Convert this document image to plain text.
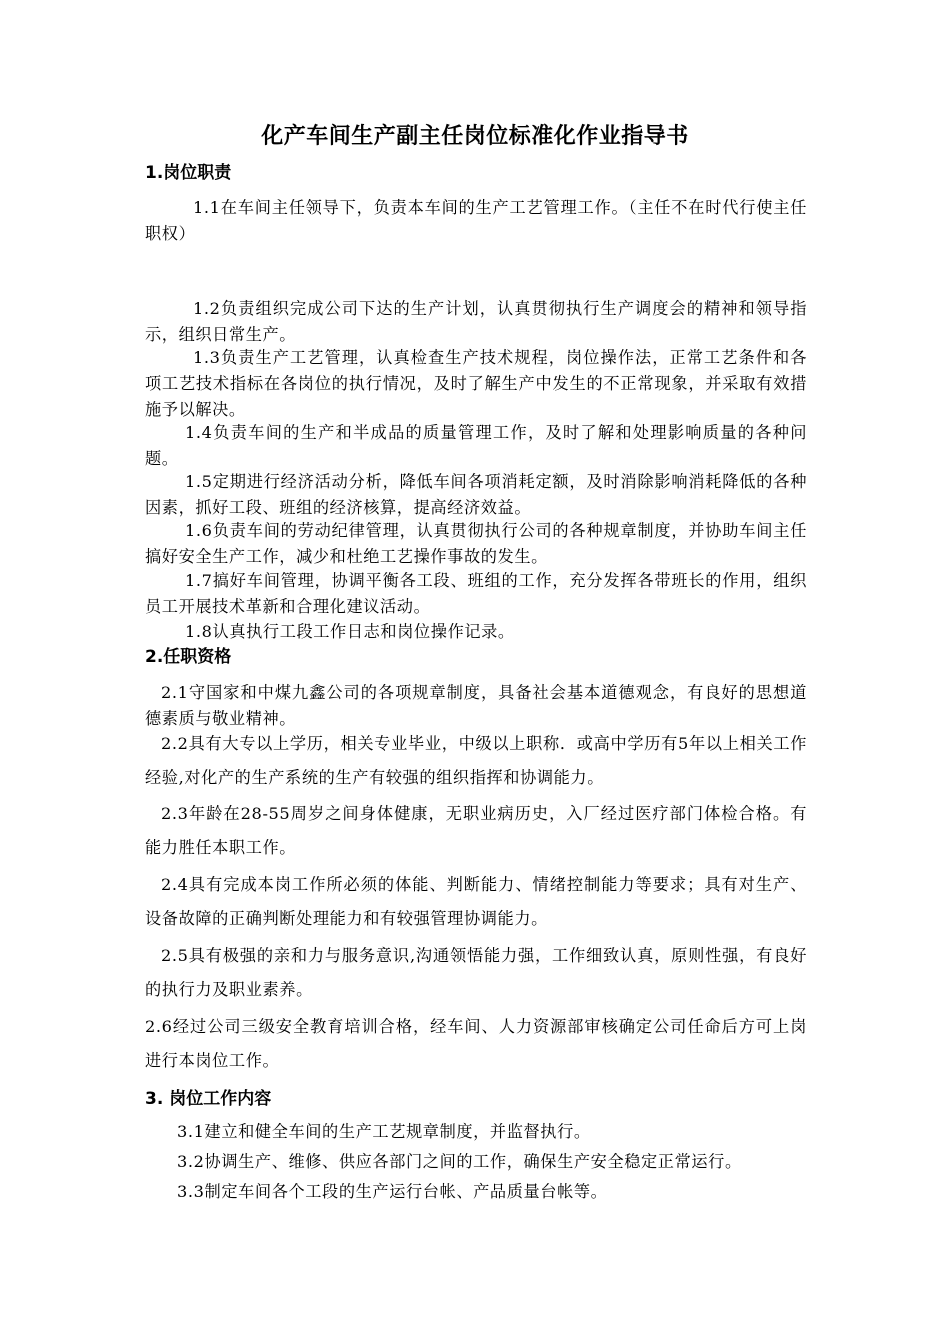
化产车间生产副主任岗位标准化作业指导书
1.岗位职责

1.1在车间主任领导下，负责本车间的生产工艺管理工作。（主任不在时代行使主任职权）

1.2负责组织完成公司下达的生产计划，认真贯彻执行生产调度会的精神和领导指示，组织日常生产。

1.3负责生产工艺管理，认真检查生产技术规程，岗位操作法，正常工艺条件和各项工艺技术指标在各岗位的执行情况，及时了解生产中发生的不正常现象，并采取有效措施予以解决。

1.4负责车间的生产和半成品的质量管理工作，及时了解和处理影响质量的各种问题。

1.5定期进行经济活动分析，降低车间各项消耗定额，及时消除影响消耗降低的各种因素，抓好工段、班组的经济核算，提高经济效益。

1.6负责车间的劳动纪律管理，认真贯彻执行公司的各种规章制度，并协助车间主任搞好安全生产工作，减少和杜绝工艺操作事故的发生。

1.7搞好车间管理，协调平衡各工段、班组的工作，充分发挥各带班长的作用，组织员工开展技术革新和合理化建议活动。

1.8认真执行工段工作日志和岗位操作记录。

2.任职资格

2.1守国家和中煤九鑫公司的各项规章制度，具备社会基本道德观念，有良好的思想道德素质与敬业精神。

2.2具有大专以上学历，相关专业毕业，中级以上职称．或高中学历有5年以上相关工作经验,对化产的生产系统的生产有较强的组织指挥和协调能力。

2.3年龄在28-55周岁之间身体健康，无职业病历史，入厂经过医疗部门体检合格。有能力胜任本职工作。

2.4具有完成本岗工作所必须的体能、判断能力、情绪控制能力等要求；具有对生产、设备故障的正确判断处理能力和有较强管理协调能力。

2.5具有极强的亲和力与服务意识,沟通领悟能力强，工作细致认真，原则性强，有良好的执行力及职业素养。

2.6经过公司三级安全教育培训合格，经车间、人力资源部审核确定公司任命后方可上岗进行本岗位工作。

3. 岗位工作内容

3.1建立和健全车间的生产工艺规章制度，并监督执行。

3.2协调生产、维修、供应各部门之间的工作，确保生产安全稳定正常运行。

3.3制定车间各个工段的生产运行台帐、产品质量台帐等。
